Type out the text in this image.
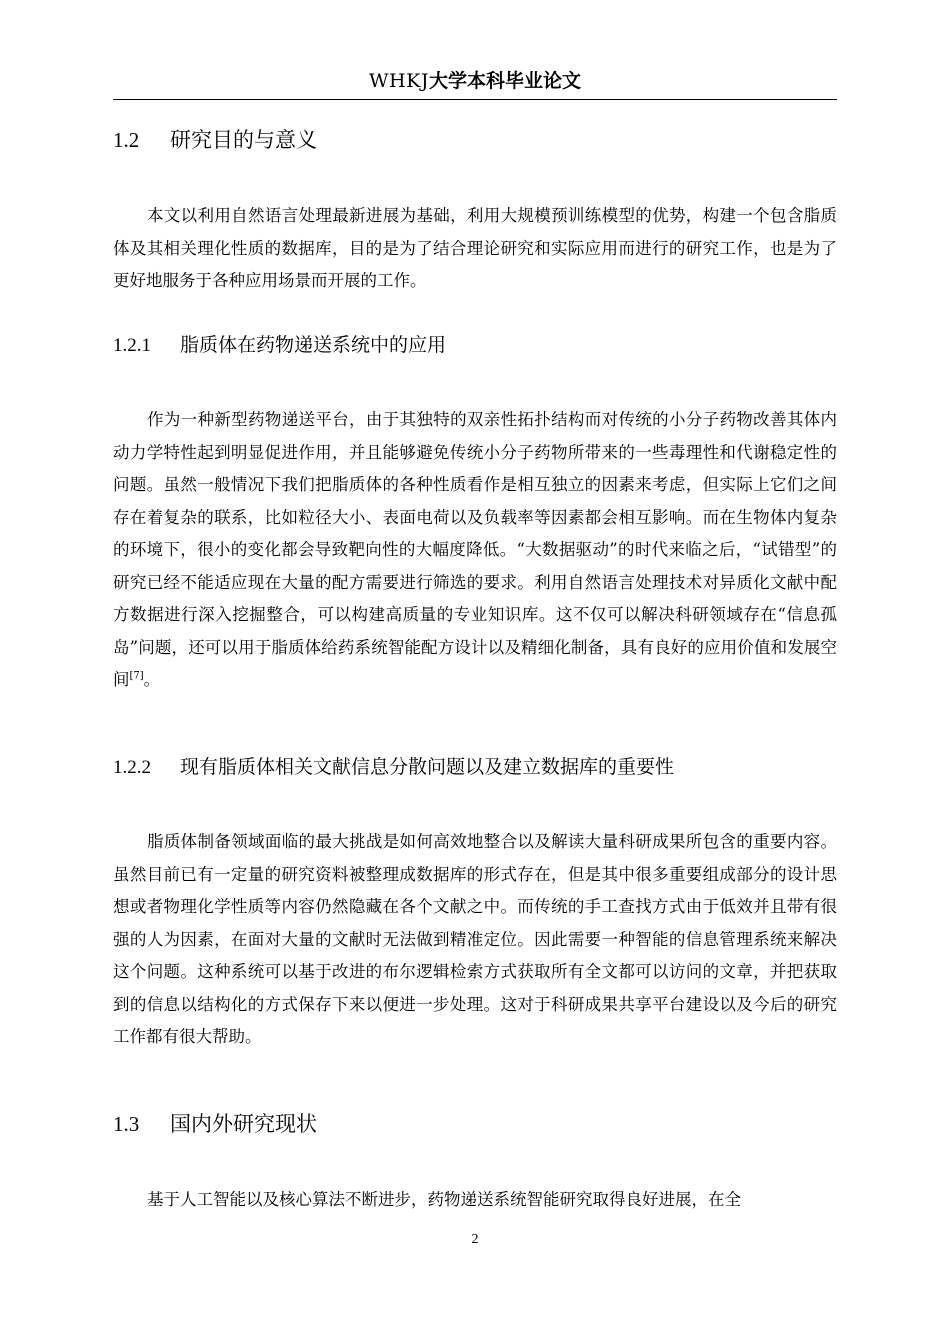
WHKJ大学本科毕业论文
1.2 研究目的与意义

本文以利用自然语言处理最新进展为基础，利用大规模预训练模型的优势，构建一个包含脂质体及其相关理化性质的数据库，目的是为了结合理论研究和实际应用而进行的研究工作，也是为了更好地服务于各种应用场景而开展的工作。

1.2.1 脂质体在药物递送系统中的应用

作为一种新型药物递送平台，由于其独特的双亲性拓扑结构而对传统的小分子药物改善其体内动力学特性起到明显促进作用，并且能够避免传统小分子药物所带来的一些毒理性和代谢稳定性的问题。虽然一般情况下我们把脂质体的各种性质看作是相互独立的因素来考虑，但实际上它们之间存在着复杂的联系，比如粒径大小、表面电荷以及负载率等因素都会相互影响。而在生物体内复杂的环境下，很小的变化都会导致靶向性的大幅度降低。“大数据驱动”的时代来临之后，“试错型”的研究已经不能适应现在大量的配方需要进行筛选的要求。利用自然语言处理技术对异质化文献中配方数据进行深入挖掘整合，可以构建高质量的专业知识库。这不仅可以解决科研领域存在“信息孤岛”问题，还可以用于脂质体给药系统智能配方设计以及精细化制备，具有良好的应用价值和发展空间[7]。

1.2.2 现有脂质体相关文献信息分散问题以及建立数据库的重要性

脂质体制备领域面临的最大挑战是如何高效地整合以及解读大量科研成果所包含的重要内容。虽然目前已有一定量的研究资料被整理成数据库的形式存在，但是其中很多重要组成部分的设计思想或者物理化学性质等内容仍然隐藏在各个文献之中。而传统的手工查找方式由于低效并且带有很强的人为因素，在面对大量的文献时无法做到精准定位。因此需要一种智能的信息管理系统来解决这个问题。这种系统可以基于改进的布尔逻辑检索方式获取所有全文都可以访问的文章，并把获取到的信息以结构化的方式保存下来以便进一步处理。这对于科研成果共享平台建设以及今后的研究工作都有很大帮助。

1.3 国内外研究现状

基于人工智能以及核心算法不断进步，药物递送系统智能研究取得良好进展，在全

2
